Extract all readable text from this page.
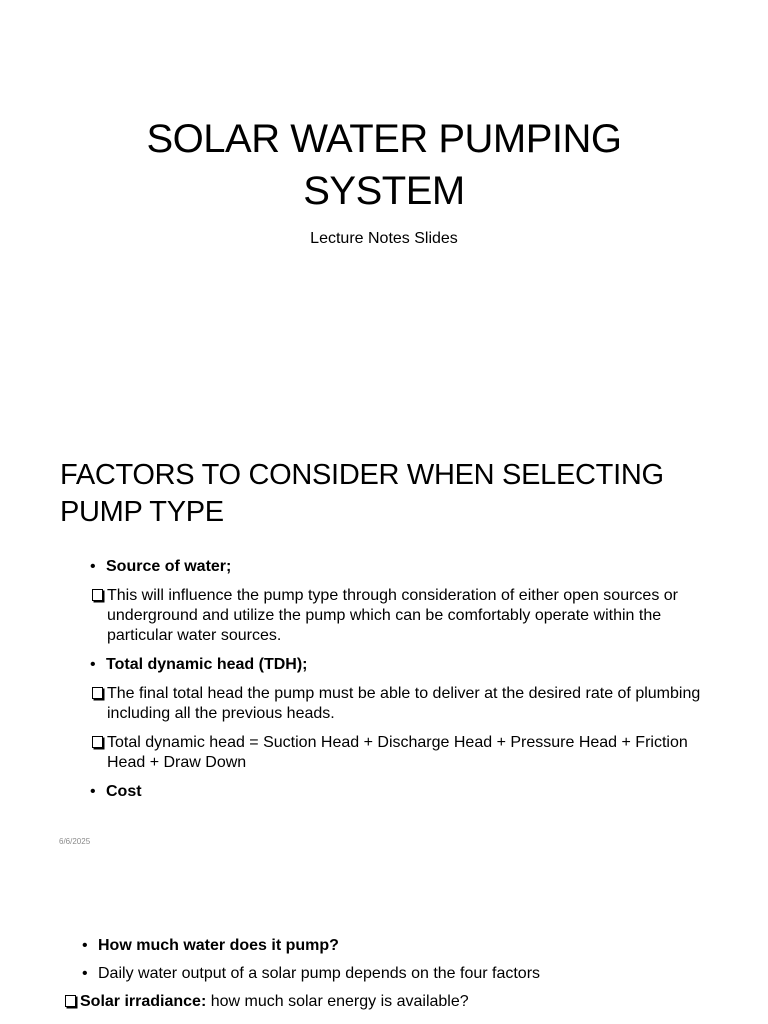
SOLAR WATER PUMPING
SYSTEM
Lecture Notes Slides
FACTORS TO CONSIDER WHEN SELECTING
PUMP TYPE
• Source of water;
This will influence the pump type through consideration of either open sources or underground and utilize the pump which can be comfortably operate within the particular water sources.
• Total dynamic head (TDH);
The final total head the pump must be able to deliver at the desired rate of plumbing including all the previous heads.
Total dynamic head = Suction Head + Discharge Head + Pressure Head + Friction Head + Draw Down
• Cost
6/6/2025
• How much water does it pump?
• Daily water output of a solar pump depends on the four factors
Solar irradiance: how much solar energy is available?
